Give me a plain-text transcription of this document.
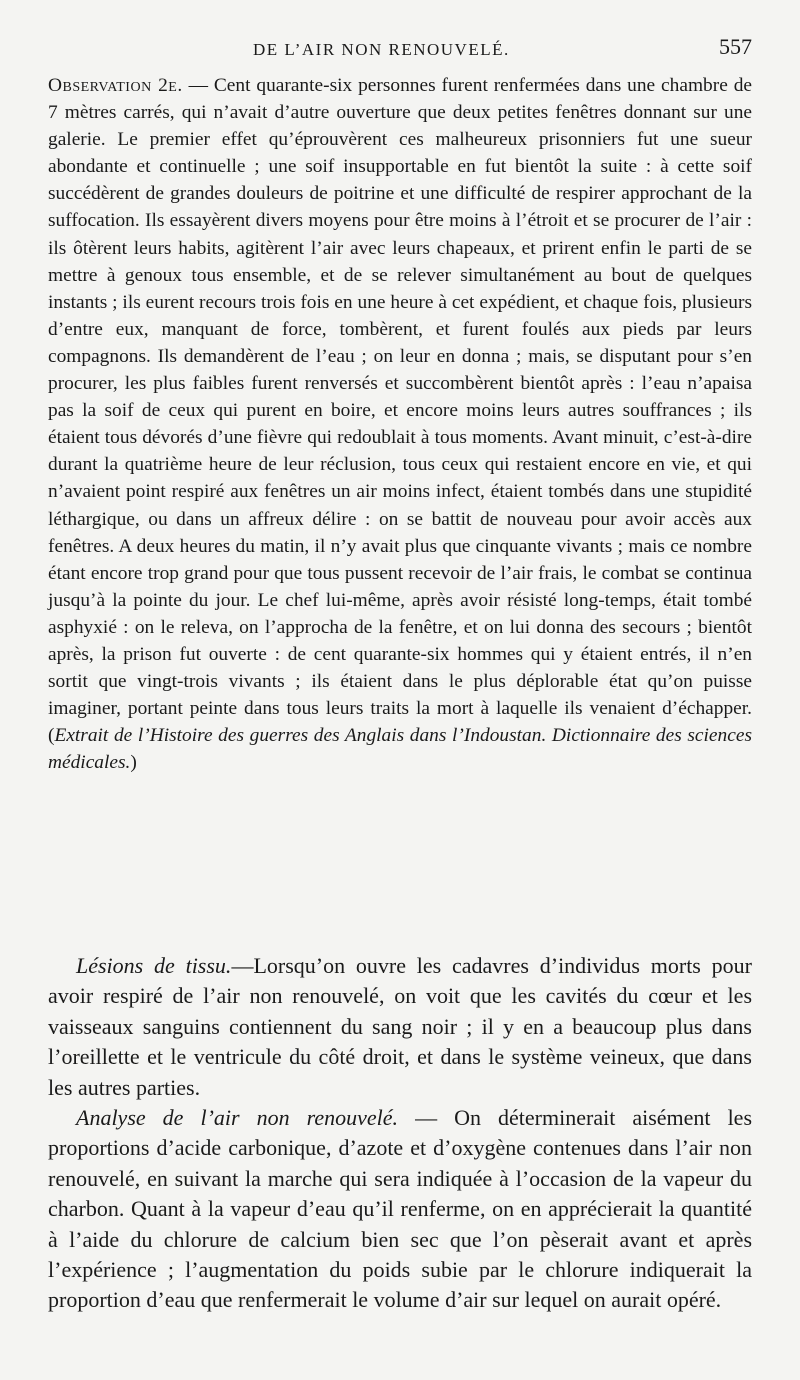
DE L’AIR NON RENOUVELÉ.	557

Observation 2e. — Cent quarante-six personnes furent renfermées dans une chambre de 7 mètres carrés, qui n’avait d’autre ouverture que deux petites fenêtres donnant sur une galerie. Le premier effet qu’éprouvèrent ces malheureux prisonniers fut une sueur abondante et continuelle ; une soif insupportable en fut bientôt la suite : à cette soif succédèrent de grandes douleurs de poitrine et une difficulté de respirer approchant de la suffocation. Ils essayèrent divers moyens pour être moins à l’étroit et se procurer de l’air : ils ôtèrent leurs habits, agitèrent l’air avec leurs chapeaux, et prirent enfin le parti de se mettre à genoux tous ensemble, et de se relever simultanément au bout de quelques instants ; ils eurent recours trois fois en une heure à cet expédient, et chaque fois, plusieurs d’entre eux, manquant de force, tombèrent, et furent foulés aux pieds par leurs compagnons. Ils demandèrent de l’eau ; on leur en donna ; mais, se disputant pour s’en procurer, les plus faibles furent renversés et succombèrent bientôt après : l’eau n’apaisa pas la soif de ceux qui purent en boire, et encore moins leurs autres souffrances ; ils étaient tous dévorés d’une fièvre qui redoublait à tous moments. Avant minuit, c’est-à-dire durant la quatrième heure de leur réclusion, tous ceux qui restaient encore en vie, et qui n’avaient point respiré aux fenêtres un air moins infect, étaient tombés dans une stupidité léthargique, ou dans un affreux délire : on se battit de nouveau pour avoir accès aux fenêtres. A deux heures du matin, il n’y avait plus que cinquante vivants ; mais ce nombre étant encore trop grand pour que tous pussent recevoir de l’air frais, le combat se continua jusqu’à la pointe du jour. Le chef lui-même, après avoir résisté long-temps, était tombé asphyxié : on le releva, on l’approcha de la fenêtre, et on lui donna des secours ; bientôt après, la prison fut ouverte : de cent quarante-six hommes qui y étaient entrés, il n’en sortit que vingt-trois vivants ; ils étaient dans le plus déplorable état qu’on puisse imaginer, portant peinte dans tous leurs traits la mort à laquelle ils venaient d’échapper. (Extrait de l’Histoire des guerres des Anglais dans l’Indoustan. Dictionnaire des sciences médicales.)

Lésions de tissu.—Lorsqu’on ouvre les cadavres d’individus morts pour avoir respiré de l’air non renouvelé, on voit que les cavités du cœur et les vaisseaux sanguins contiennent du sang noir ; il y en a beaucoup plus dans l’oreillette et le ventricule du côté droit, et dans le système veineux, que dans les autres parties.

Analyse de l’air non renouvelé. — On déterminerait aisément les proportions d’acide carbonique, d’azote et d’oxygène contenues dans l’air non renouvelé, en suivant la marche qui sera indiquée à l’occasion de la vapeur du charbon. Quant à la vapeur d’eau qu’il renferme, on en apprécierait la quantité à l’aide du chlorure de calcium bien sec que l’on pèserait avant et après l’expérience ; l’augmentation du poids subie par le chlorure indiquerait la proportion d’eau que renfermerait le volume d’air sur lequel on aurait opéré.
